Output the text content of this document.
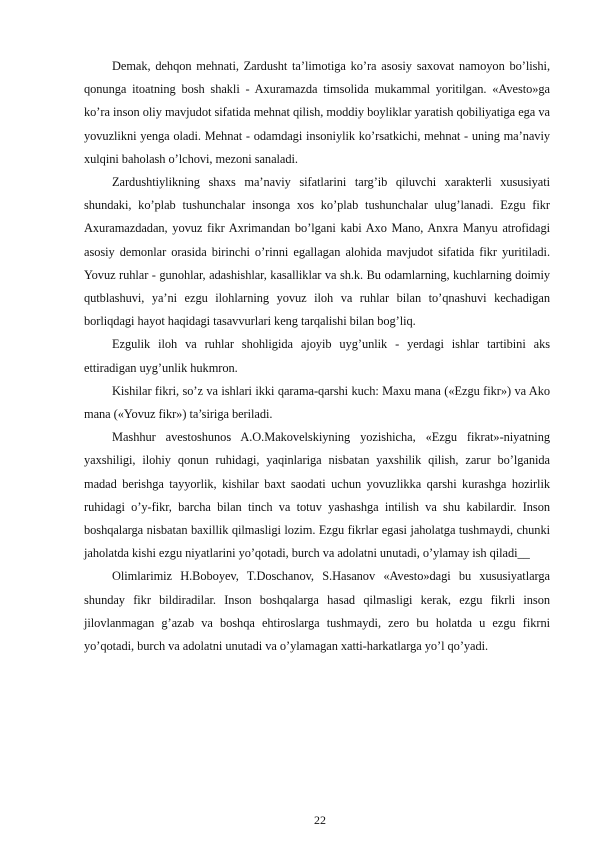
Demak, dehqon mehnati, Zardusht ta’limotiga ko’ra asosiy saxovat namoyon bo’lishi, qonunga itoatning bosh shakli - Axuramazda timsolida mukammal yoritilgan. «Avesto»ga ko’ra inson oliy mavjudot sifatida mehnat qilish, moddiy boyliklar yaratish qobiliyatiga ega va yovuzlikni yenga oladi. Mehnat - odamdagi insoniylik ko’rsatkichi, mehnat - uning ma’naviy xulqini baholash o’lchovi, mezoni sanaladi.

Zardushtiylikning shaxs ma’naviy sifatlarini targ’ib qiluvchi xarakterli xususiyati shundaki, ko’plab tushunchalar insonga xos ko’plab tushunchalar ulug’lanadi. Ezgu fikr Axuramazdadan, yovuz fikr Axrimandan bo’lgani kabi Axo Mano, Anxra Manyu atrofidagi asosiy demonlar orasida birinchi o’rinni egallagan alohida mavjudot sifatida fikr yuritiladi. Yovuz ruhlar - gunohlar, adashishlar, kasalliklar va sh.k. Bu odamlarning, kuchlarning doimiy qutblashuvi, ya’ni ezgu ilohlarning yovuz iloh va ruhlar bilan to’qnashuvi kechadigan borliqdagi hayot haqidagi tasavvurlari keng tarqalishi bilan bog’liq.

Ezgulik iloh va ruhlar shohligida ajoyib uyg’unlik - yerdagi ishlar tartibini aks ettiradigan uyg’unlik hukmron.

Kishilar fikri, so’z va ishlari ikki qarama-qarshi kuch: Maxu mana («Ezgu fikr») va Ako mana («Yovuz fikr») ta’siriga beriladi.

Mashhur avestoshunos A.O.Makovelskiyning yozishicha, «Ezgu fikrat»-niyatning yaxshiligi, ilohiy qonun ruhidagi, yaqinlariga nisbatan yaxshilik qilish, zarur bo’lganida madad berishga tayyorlik, kishilar baxt saodati uchun yovuzlikka qarshi kurashga hozirlik ruhidagi o’y-fikr, barcha bilan tinch va totuv yashashga intilish va shu kabilardir. Inson boshqalarga nisbatan baxillik qilmasligi lozim. Ezgu fikrlar egasi jaholatga tushmaydi, chunki jaholatda kishi ezgu niyatlarini yo’qotadi, burch va adolatni unutadi, o’ylamay ish qiladi__

Olimlarimiz H.Boboyev, T.Doschanov, S.Hasanov «Avesto»dagi bu xususiyatlarga shunday fikr bildiradilar. Inson boshqalarga hasad qilmasligi kerak, ezgu fikrli inson jilovlanmagan g’azab va boshqa ehtiroslarga tushmaydi, zero bu holatda u ezgu fikrni yo’qotadi, burch va adolatni unutadi va o’ylamagan xatti-harkatlarga yo’l qo’yadi.

22
